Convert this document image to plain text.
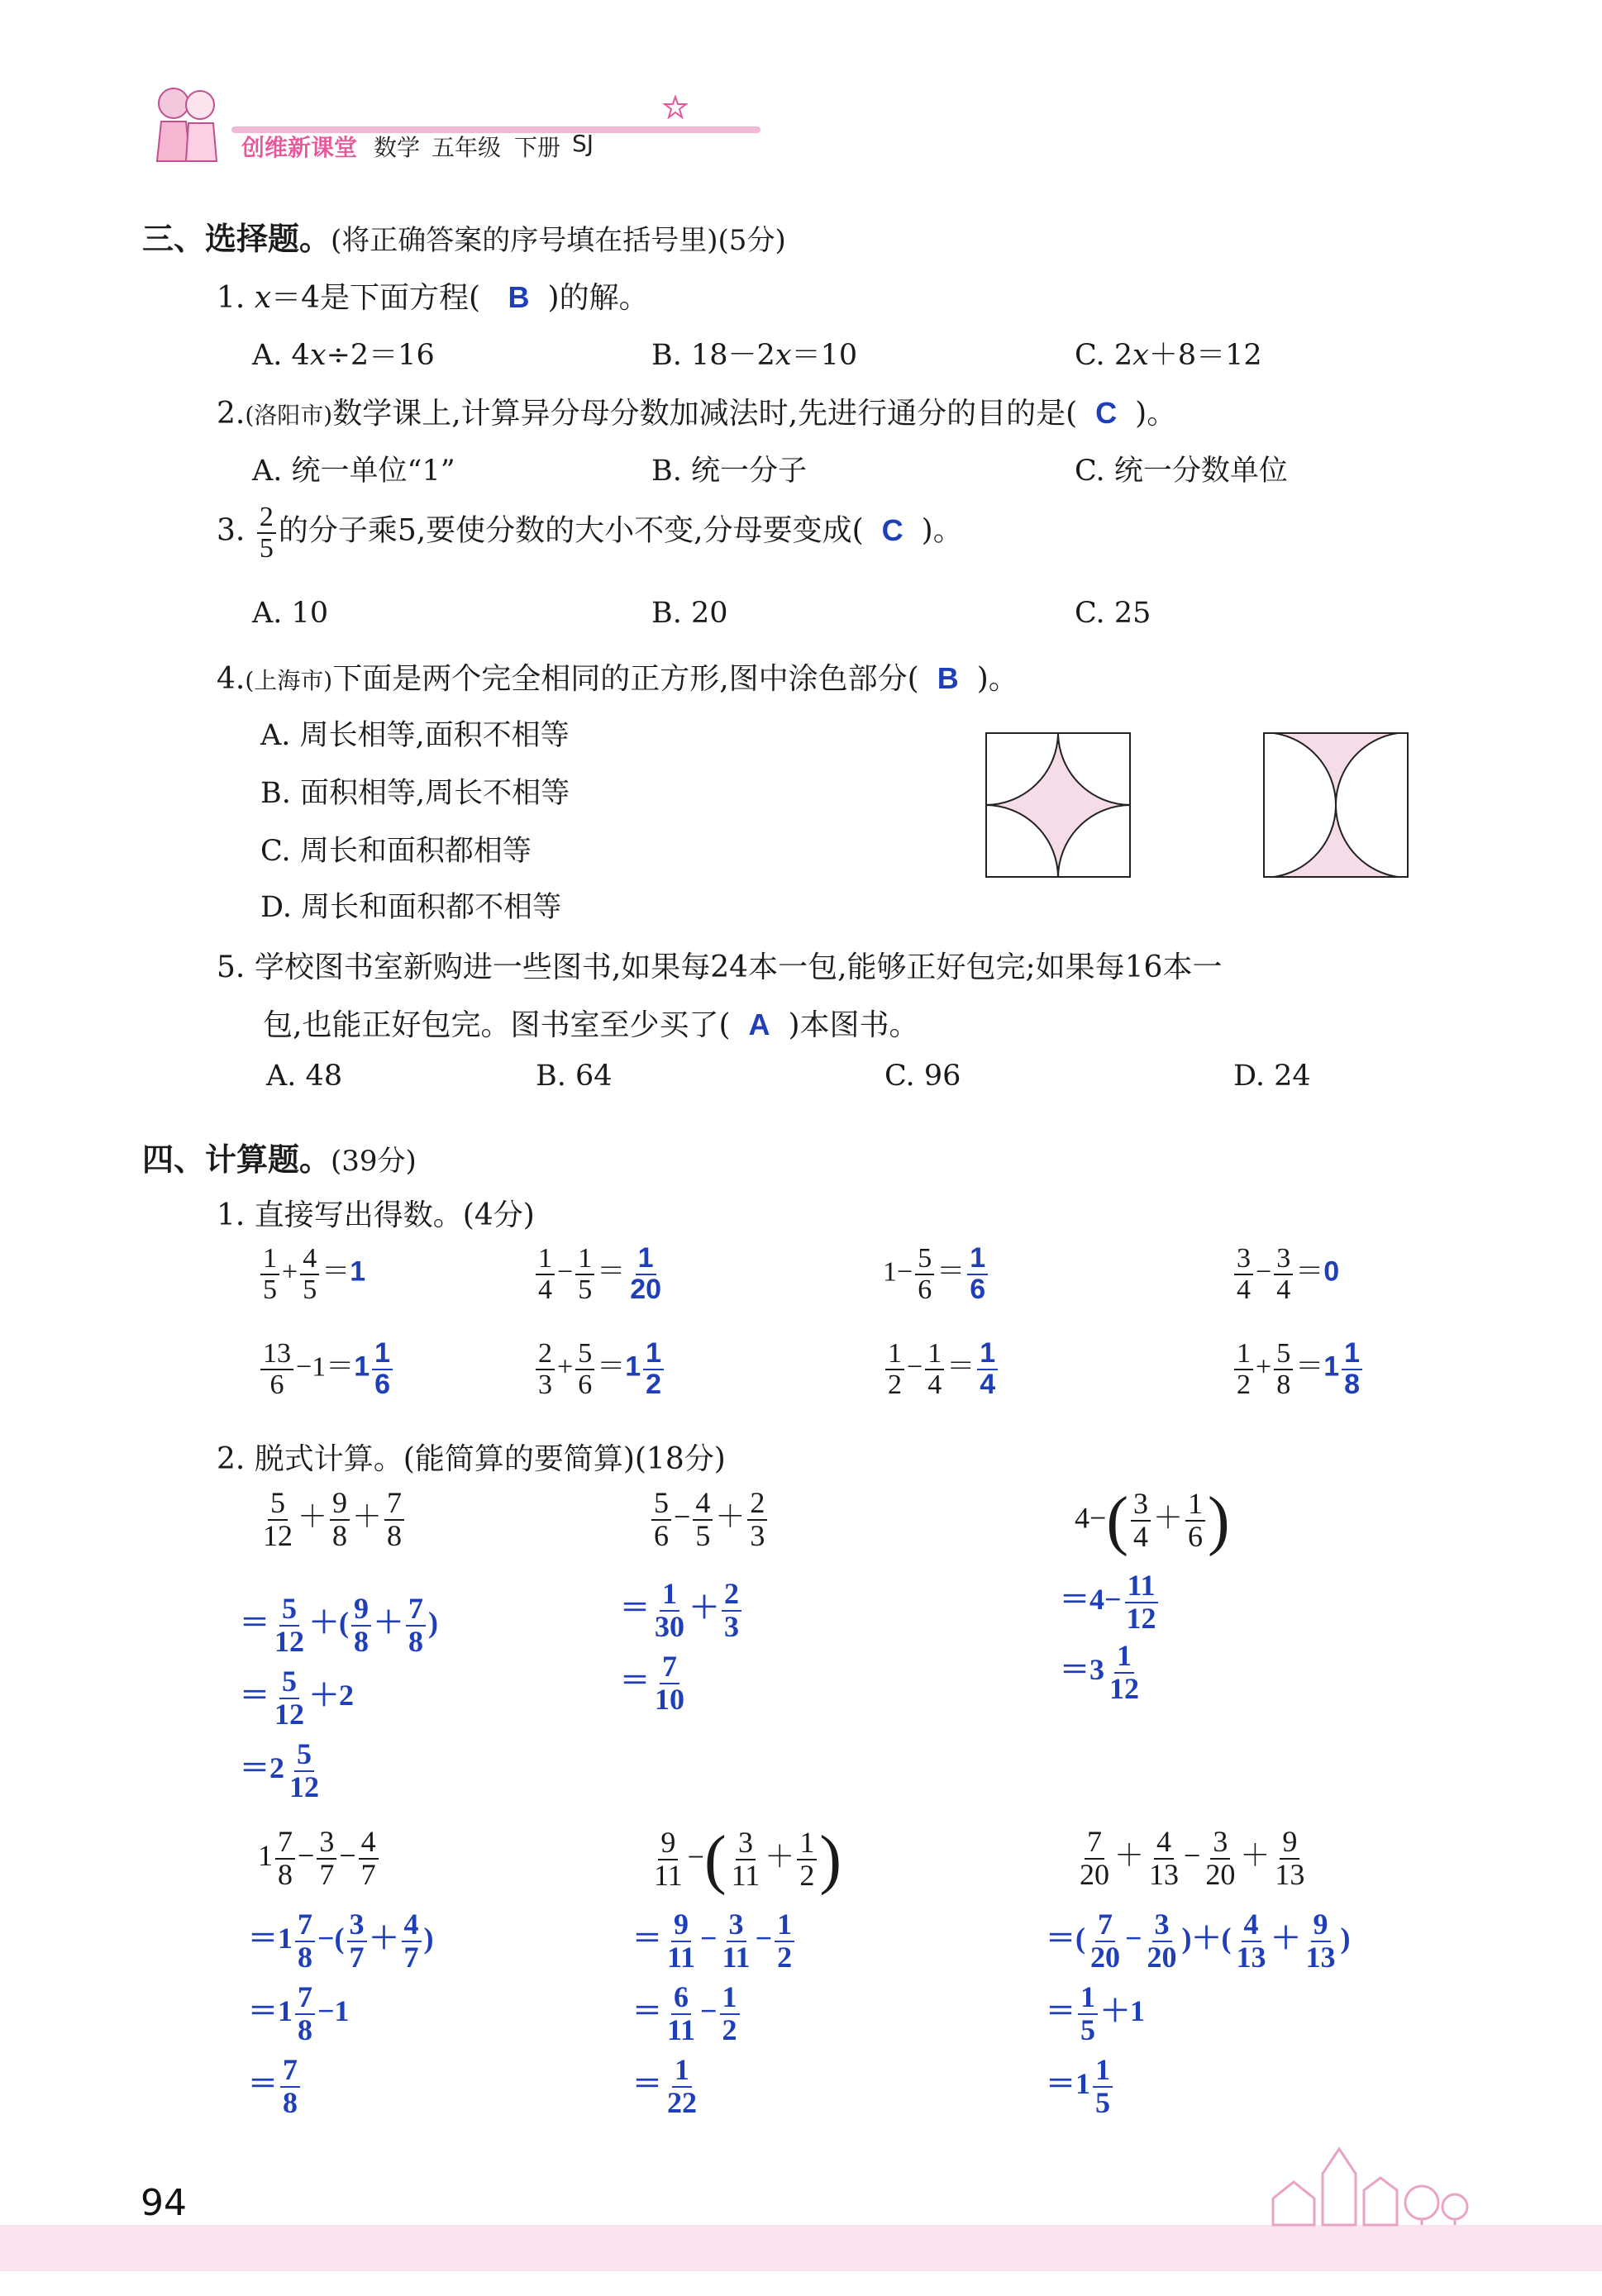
创维新课堂 数学 五年级 下册 SJ
三、选择题。(将正确答案的序号填在括号里)(5分)
1. x＝4是下面方程( B )的解。
A. 4x÷2＝16	B. 18－2x＝10	C. 2x＋8＝12
2.(洛阳市)数学课上,计算异分母分数加减法时,先进行通分的目的是( C )。
A. 统一单位“1”	B. 统一分子	C. 统一分数单位
3. $\frac{2}{5}$ 的分子乘5,要使分数的大小不变,分母要变成( C )。
A. 10	B. 20	C. 25
4.(上海市)下面是两个完全相同的正方形,图中涂色部分( B )。
A. 周长相等,面积不相等
B. 面积相等,周长不相等
C. 周长和面积都相等
D. 周长和面积都不相等
5. 学校图书室新购进一些图书,如果每24本一包,能够正好包完;如果每16本一
包,也能正好包完。图书室至少买了( A )本图书。
A. 48	B. 64	C. 96	D. 24
四、计算题。(39分)
1. 直接写出得数。(4分)
$\frac{1}{5} + \frac{4}{5} =1$	$\frac{1}{4} - \frac{1}{5} = \frac{1}{20}$	$1- \frac{5}{6} = \frac{1}{6}$	$\frac{3}{4} - \frac{3}{4} =0$
$\frac{13}{6} -1=1 \frac{1}{6}$	$\frac{2}{3} + \frac{5}{6} =1 \frac{1}{2}$	$\frac{1}{2} - \frac{1}{4} = \frac{1}{4}$	$\frac{1}{2} + \frac{5}{8} =1 \frac{1}{8}$
2. 脱式计算。(能简算的要简算)(18分)
$\frac{5}{12} + \frac{9}{8} + \frac{7}{8}$
＝ $\frac{5}{12}$ ＋( $\frac{9}{8} + \frac{7}{8}$ )
＝ $\frac{5}{12} +2$
$=2 \frac{5}{12}$
$\frac{5}{6} - \frac{4}{5} + \frac{2}{3}$
＝ $\frac{1}{30} + \frac{2}{3}$
＝ $\frac{7}{10}$
$4-( \frac{3}{4} + \frac{1}{6}$ )
$=4- \frac{11}{12}$
$=3 \frac{1}{12}$
$1 \frac{7}{8} - \frac{3}{7} - \frac{4}{7}$
$=1 \frac{7}{8}$ −( $\frac{3}{7} + \frac{4}{7}$ )
$=1 \frac{7}{8} -1$
＝ $\frac{7}{8}$
$\frac{9}{11}$ −( $\frac{3}{11} + \frac{1}{2}$ )
＝ $\frac{9}{11} - \frac{3}{11} - \frac{1}{2}$
＝ $\frac{6}{11} - \frac{1}{2}$
＝ $\frac{1}{22}$
$\frac{7}{20} + \frac{4}{13} - \frac{3}{20} + \frac{9}{13}$
＝( $\frac{7}{20} - \frac{3}{20}$ )＋( $\frac{4}{13} + \frac{9}{13}$ )
＝ $\frac{1}{5} +1$
$=1 \frac{1}{5}$
94
